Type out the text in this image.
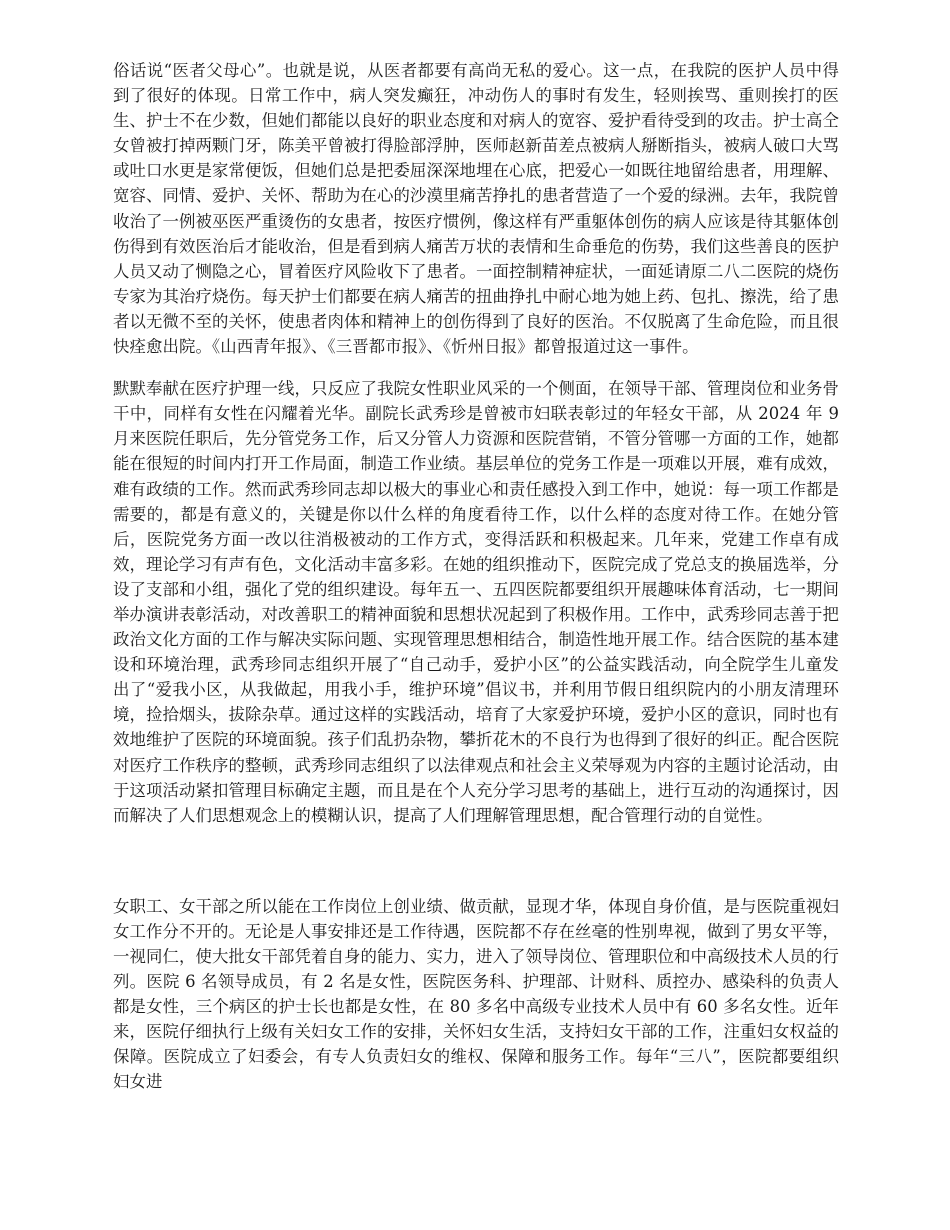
俗话说“医者父母心”。也就是说，从医者都要有高尚无私的爱心。这一点，在我院的医护人员中得到了很好的体现。日常工作中，病人突发癫狂，冲动伤人的事时有发生，轻则挨骂、重则挨打的医生、护士不在少数，但她们都能以良好的职业态度和对病人的宽容、爱护看待受到的攻击。护士高仝女曾被打掉两颗门牙，陈美平曾被打得脸部浮肿，医师赵新苗差点被病人掰断指头，被病人破口大骂或吐口水更是家常便饭，但她们总是把委屈深深地埋在心底，把爱心一如既往地留给患者，用理解、宽容、同情、爱护、关怀、帮助为在心的沙漠里痛苦挣扎的患者营造了一个爱的绿洲。去年，我院曾收治了一例被巫医严重烫伤的女患者，按医疗惯例，像这样有严重躯体创伤的病人应该是待其躯体创伤得到有效医治后才能收治，但是看到病人痛苦万状的表情和生命垂危的伤势，我们这些善良的医护人员又动了恻隐之心，冒着医疗风险收下了患者。一面控制精神症状，一面延请原二八二医院的烧伤专家为其治疗烧伤。每天护士们都要在病人痛苦的扭曲挣扎中耐心地为她上药、包扎、擦洗，给了患者以无微不至的关怀，使患者肉体和精神上的创伤得到了良好的医治。不仅脱离了生命危险，而且很快痊愈出院。《山西青年报》、《三晋都市报》、《忻州日报》都曾报道过这一事件。

默默奉献在医疗护理一线，只反应了我院女性职业风采的一个侧面，在领导干部、管理岗位和业务骨干中，同样有女性在闪耀着光华。副院长武秀珍是曾被市妇联表彰过的年轻女干部，从 2024 年 9 月来医院任职后，先分管党务工作，后又分管人力资源和医院营销，不管分管哪一方面的工作，她都能在很短的时间内打开工作局面，制造工作业绩。基层单位的党务工作是一项难以开展，难有成效，难有政绩的工作。然而武秀珍同志却以极大的事业心和责任感投入到工作中，她说：每一项工作都是需要的，都是有意义的，关键是你以什么样的角度看待工作，以什么样的态度对待工作。在她分管后，医院党务方面一改以往消极被动的工作方式，变得活跃和积极起来。几年来，党建工作卓有成效，理论学习有声有色，文化活动丰富多彩。在她的组织推动下，医院完成了党总支的换届选举，分设了支部和小组，强化了党的组织建设。每年五一、五四医院都要组织开展趣味体育活动，七一期间举办演讲表彰活动，对改善职工的精神面貌和思想状况起到了积极作用。工作中，武秀珍同志善于把政治文化方面的工作与解决实际问题、实现管理思想相结合，制造性地开展工作。结合医院的基本建设和环境治理，武秀珍同志组织开展了“自己动手，爱护小区”的公益实践活动，向全院学生儿童发出了“爱我小区，从我做起，用我小手，维护环境”倡议书，并利用节假日组织院内的小朋友清理环境，捡拾烟头，拔除杂草。通过这样的实践活动，培育了大家爱护环境，爱护小区的意识，同时也有效地维护了医院的环境面貌。孩子们乱扔杂物，攀折花木的不良行为也得到了很好的纠正。配合医院对医疗工作秩序的整顿，武秀珍同志组织了以法律观点和社会主义荣辱观为内容的主题讨论活动，由于这项活动紧扣管理目标确定主题，而且是在个人充分学习思考的基础上，进行互动的沟通探讨，因而解决了人们思想观念上的模糊认识，提高了人们理解管理思想，配合管理行动的自觉性。

女职工、女干部之所以能在工作岗位上创业绩、做贡献，显现才华，体现自身价值，是与医院重视妇女工作分不开的。无论是人事安排还是工作待遇，医院都不存在丝毫的性别卑视，做到了男女平等，一视同仁，使大批女干部凭着自身的能力、实力，进入了领导岗位、管理职位和中高级技术人员的行列。医院 6 名领导成员，有 2 名是女性，医院医务科、护理部、计财科、质控办、感染科的负责人都是女性，三个病区的护士长也都是女性，在 80 多名中高级专业技术人员中有 60 多名女性。近年来，医院仔细执行上级有关妇女工作的安排，关怀妇女生活，支持妇女干部的工作，注重妇女权益的保障。医院成立了妇委会，有专人负责妇女的维权、保障和服务工作。每年“三八”，医院都要组织妇女进
